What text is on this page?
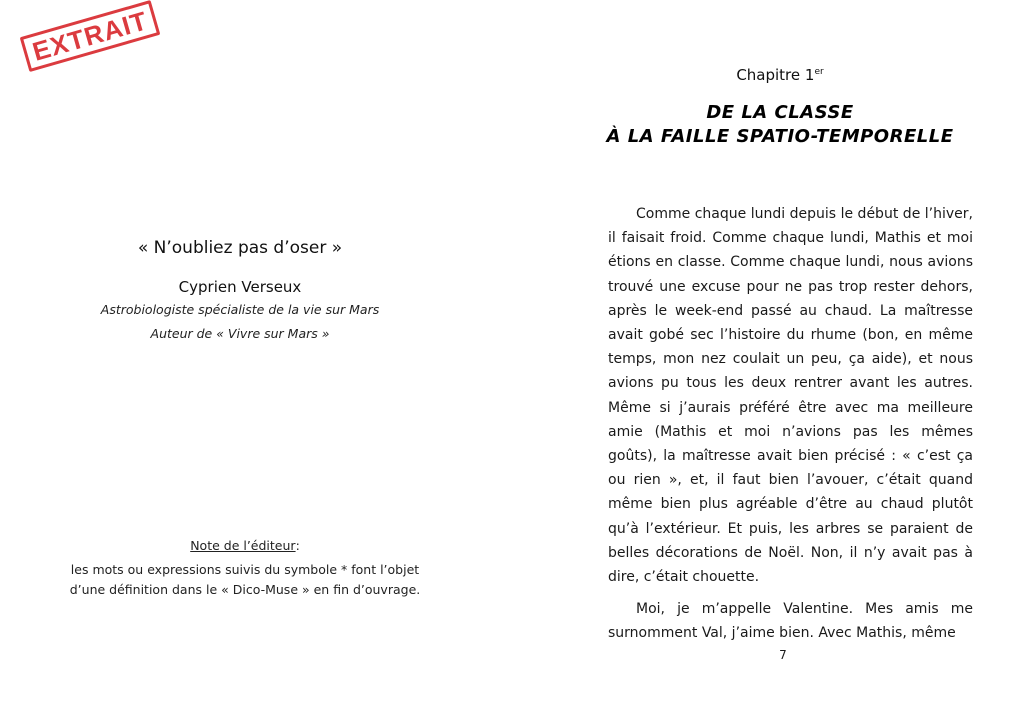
EXTRAIT
« N’oubliez pas d’oser »
Cyprien Verseux
Astrobiologiste spécialiste de la vie sur Mars
Auteur de « Vivre sur Mars »
Note de l’éditeur:
les mots ou expressions suivis du symbole * font l’objet
d’une définition dans le « Dico-Muse » en fin d’ouvrage.
Chapitre 1er
DE LA CLASSE
À LA FAILLE SPATIO-TEMPORELLE

Comme chaque lundi depuis le début de l’hiver, il faisait froid. Comme chaque lundi, Mathis et moi étions en classe. Comme chaque lundi, nous avions trouvé une excuse pour ne pas trop rester dehors, après le week-end passé au chaud. La maîtresse avait gobé sec l’histoire du rhume (bon, en même temps, mon nez coulait un peu, ça aide), et nous avions pu tous les deux rentrer avant les autres. Même si j’aurais préféré être avec ma meilleure amie (Mathis et moi n’avions pas les mêmes goûts), la maîtresse avait bien précisé : « c’est ça ou rien », et, il faut bien l’avouer, c’était quand même bien plus agréable d’être au chaud plutôt qu’à l’extérieur. Et puis, les arbres se paraient de belles décorations de Noël. Non, il n’y avait pas à dire, c’était chouette.

Moi, je m’appelle Valentine. Mes amis me surnomment Val, j’aime bien. Avec Mathis, même

7
